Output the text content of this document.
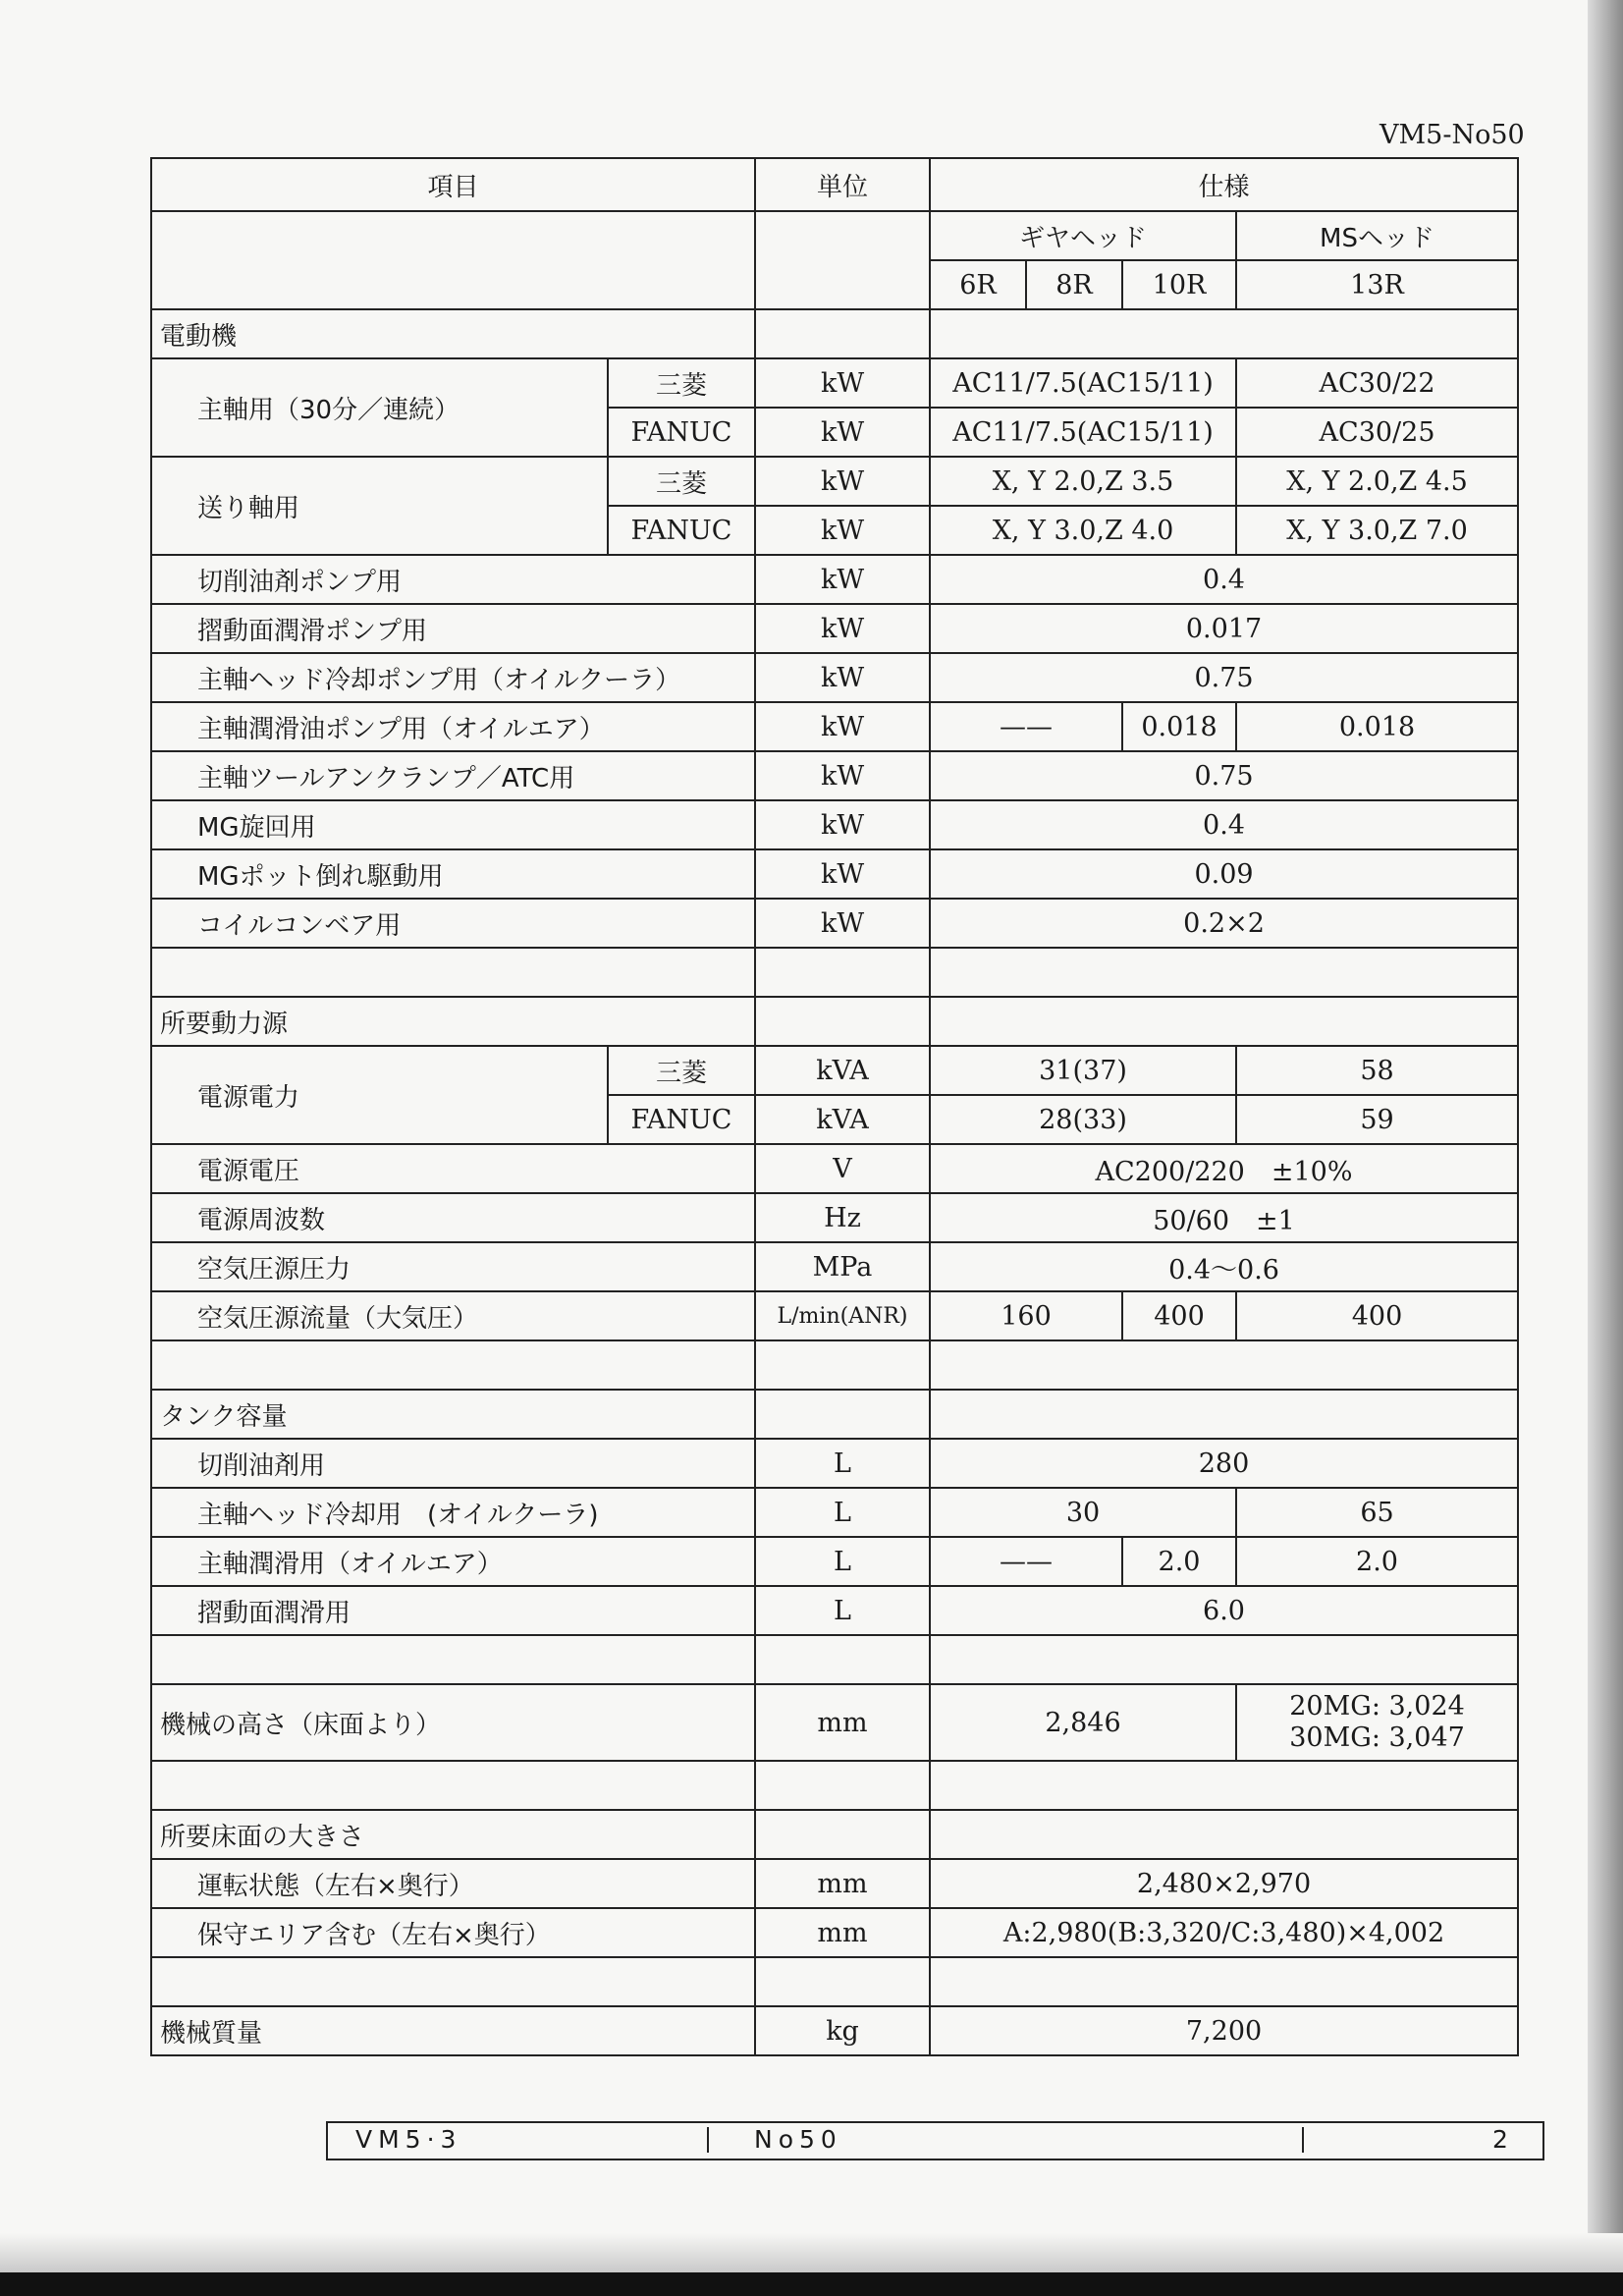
VM5-No50
項目		単位	仕様			
			ギヤヘッド			MSヘッド
			6R	8R	10R	13R
電動機						
主軸用（30分／連続）	三菱	kW	AC11/7.5(AC15/11)			AC30/22
	FANUC	kW	AC11/7.5(AC15/11)			AC30/25
送り軸用	三菱	kW	X, Y 2.0,Z 3.5			X, Y 2.0,Z 4.5
	FANUC	kW	X, Y 3.0,Z 4.0			X, Y 3.0,Z 7.0
切削油剤ポンプ用		kW	0.4			
摺動面潤滑ポンプ用		kW	0.017			
主軸ヘッド冷却ポンプ用（オイルクーラ）		kW	0.75			
主軸潤滑油ポンプ用（オイルエア）		kW	——		0.018	0.018
主軸ツールアンクランプ／ATC用		kW	0.75			
MG旋回用		kW	0.4			
MGポット倒れ駆動用		kW	0.09			
コイルコンベア用		kW	0.2×2			

所要動力源						
電源電力	三菱	kVA	31(37)			58
	FANUC	kVA	28(33)			59
電源電圧		V	AC200/220　±10%			
電源周波数		Hz	50/60　±1			
空気圧源圧力		MPa	0.4〜0.6			
空気圧源流量（大気圧）		L/min(ANR)	160		400	400

タンク容量						
切削油剤用		L	280			
主軸ヘッド冷却用　(オイルクーラ)		L	30			65
主軸潤滑用（オイルエア）		L	——		2.0	2.0
摺動面潤滑用		L	6.0			

機械の高さ（床面より）		mm	2,846			20MG: 3,024
30MG: 3,047

所要床面の大きさ						
運転状態（左右×奥行）		mm	2,480×2,970			
保守エリア含む（左右×奥行）		mm	A:2,980(B:3,320/C:3,480)×4,002			

機械質量		kg	7,200			
VM5·3	No50	2
